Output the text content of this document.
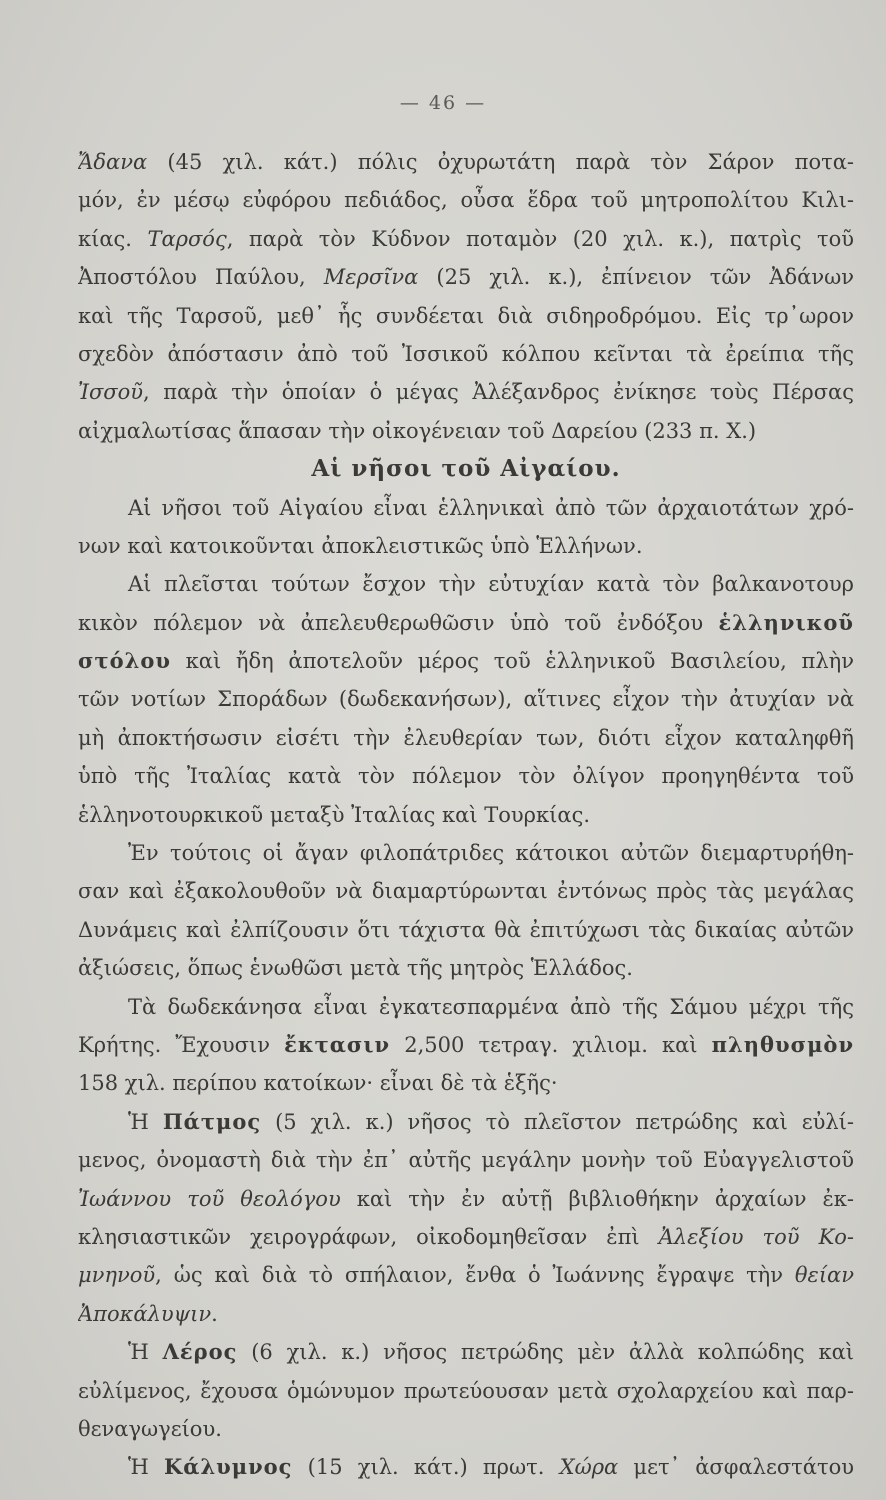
— 46 —
Ἄδανα (45 χιλ. κάτ.) πόλις ὀχυρωτάτη παρὰ τὸν Σάρον ποτα-
μόν, ἐν μέσῳ εὐφόρου πεδιάδος, οὖσα ἕδρα τοῦ μητροπολίτου Κιλι-
κίας. Ταρσός, παρὰ τὸν Κύδνον ποταμὸν (20 χιλ. κ.), πατρὶς τοῦ
Ἀποστόλου Παύλου, Μερσῖνα (25 χιλ. κ.), ἐπίνειον τῶν Ἀδάνων
καὶ τῆς Ταρσοῦ, μεθ᾽ ἧς συνδέεται διὰ σιδηροδρόμου. Εἰς τρ᾽ωρον
σχεδὸν ἀπόστασιν ἀπὸ τοῦ Ἰσσικοῦ κόλπου κεῖνται τὰ ἐρείπια τῆς
Ἰσσοῦ, παρὰ τὴν ὁποίαν ὁ μέγας Ἀλέξανδρος ἐνίκησε τοὺς Πέρσας
αἰχμαλωτίσας ἅπασαν τὴν οἰκογένειαν τοῦ Δαρείου (233 π. Χ.)
Αἱ νῆσοι τοῦ Αἰγαίου.
Αἱ νῆσοι τοῦ Αἰγαίου εἶναι ἑλληνικαὶ ἀπὸ τῶν ἀρχαιοτάτων χρό-
νων καὶ κατοικοῦνται ἀποκλειστικῶς ὑπὸ Ἑλλήνων.
Αἱ πλεῖσται τούτων ἔσχον τὴν εὐτυχίαν κατὰ τὸν βαλκανοτουρ
κικὸν πόλεμον νὰ ἀπελευθερωθῶσιν ὑπὸ τοῦ ἐνδόξου ἑλληνικοῦ
στόλου καὶ ἤδη ἀποτελοῦν μέρος τοῦ ἑλληνικοῦ Βασιλείου, πλὴν
τῶν νοτίων Σποράδων (δωδεκανήσων), αἵτινες εἶχον τὴν ἀτυχίαν νὰ
μὴ ἀποκτήσωσιν εἰσέτι τὴν ἐλευθερίαν των, διότι εἶχον καταληφθῆ
ὑπὸ τῆς Ἰταλίας κατὰ τὸν πόλεμον τὸν ὀλίγον προηγηθέντα τοῦ
ἑλληνοτουρκικοῦ μεταξὺ Ἰταλίας καὶ Τουρκίας.
Ἐν τούτοις οἱ ἄγαν φιλοπάτριδες κάτοικοι αὐτῶν διεμαρτυρήθη-
σαν καὶ ἐξακολουθοῦν νὰ διαμαρτύρωνται ἐντόνως πρὸς τὰς μεγάλας
Δυνάμεις καὶ ἐλπίζουσιν ὅτι τάχιστα θὰ ἐπιτύχωσι τὰς δικαίας αὐτῶν
ἀξιώσεις, ὅπως ἑνωθῶσι μετὰ τῆς μητρὸς Ἑλλάδος.
Τὰ δωδεκάνησα εἶναι ἐγκατεσπαρμένα ἀπὸ τῆς Σάμου μέχρι τῆς
Κρήτης. Ἔχουσιν ἔκτασιν 2,500 τετραγ. χιλιομ. καὶ πληθυσμὸν
158 χιλ. περίπου κατοίκων· εἶναι δὲ τὰ ἑξῆς·
Ἡ Πάτμος (5 χιλ. κ.) νῆσος τὸ πλεῖστον πετρώδης καὶ εὐλί-
μενος, ὀνομαστὴ διὰ τὴν ἐπ᾽ αὐτῆς μεγάλην μονὴν τοῦ Εὐαγγελιστοῦ
Ἰωάννου τοῦ θεολόγου καὶ τὴν ἐν αὐτῇ βιβλιοθήκην ἀρχαίων ἐκ-
κλησιαστικῶν χειρογράφων, οἰκοδομηθεῖσαν ἐπὶ Ἀλεξίου τοῦ Κο-
μνηνοῦ, ὡς καὶ διὰ τὸ σπήλαιον, ἔνθα ὁ Ἰωάννης ἔγραψε τὴν θείαν
Ἀποκάλυψιν.
Ἡ Λέρος (6 χιλ. κ.) νῆσος πετρώδης μὲν ἀλλὰ κολπώδης καὶ
εὐλίμενος, ἔχουσα ὁμώνυμον πρωτεύουσαν μετὰ σχολαρχείου καὶ παρ-
θεναγωγείου.
Ἡ Κάλυμνος (15 χιλ. κάτ.) πρωτ. Χώρα μετ᾽ ἀσφαλεστάτου
